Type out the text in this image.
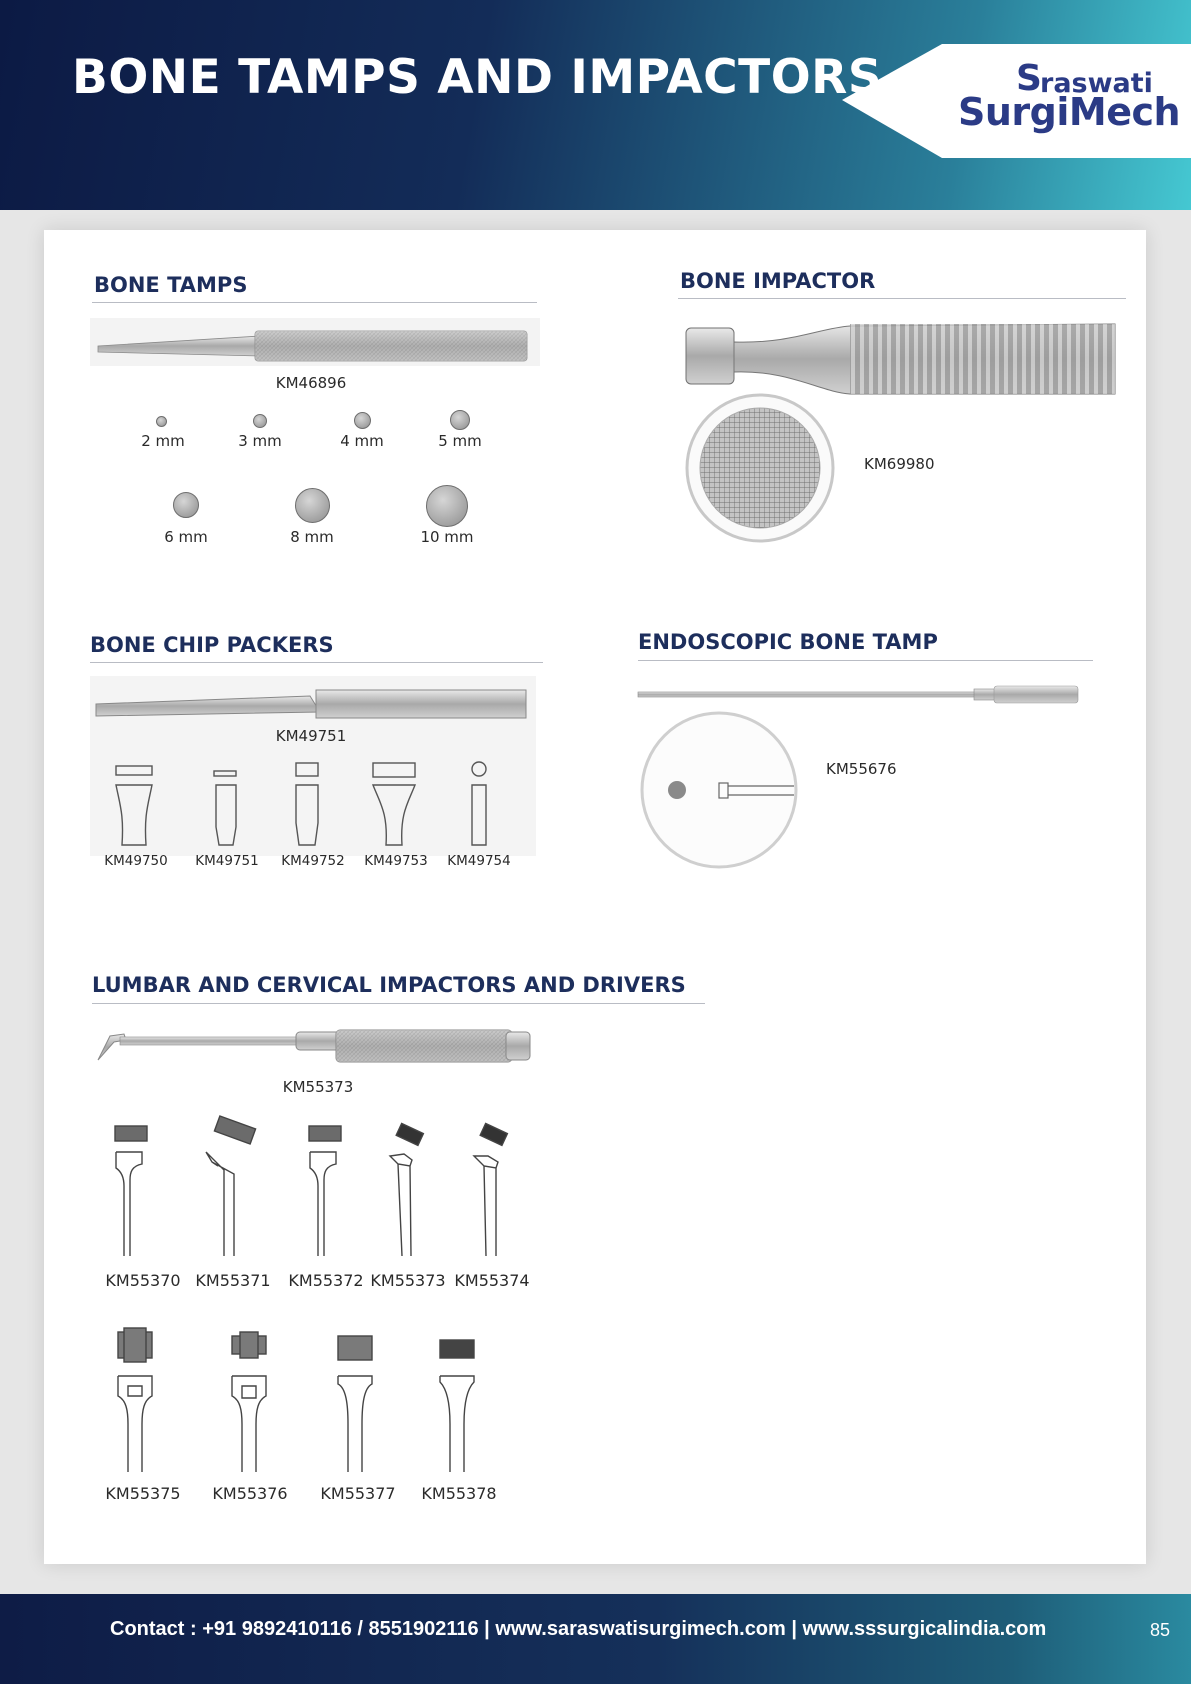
BONE TAMPS AND IMPACTORS	S
raswati
SurgiMech
BONE TAMPS
KM46896
2 mm	3 mm	4 mm	5 mm
6 mm	8 mm	10 mm
BONE IMPACTOR
KM69980
BONE CHIP PACKERS
KM49751
KM49750 KM49751 KM49752 KM49753 KM49754
ENDOSCOPIC BONE TAMP
KM55676
LUMBAR AND CERVICAL IMPACTORS AND DRIVERS
KM55373
KM55370 KM55371 KM55372 KM55373 KM55374
KM55375 KM55376 KM55377 KM55378
Contact : +91 9892410116 / 8551902116 | www.saraswatisurgimech.com | www.sssurgicalindia.com	85
